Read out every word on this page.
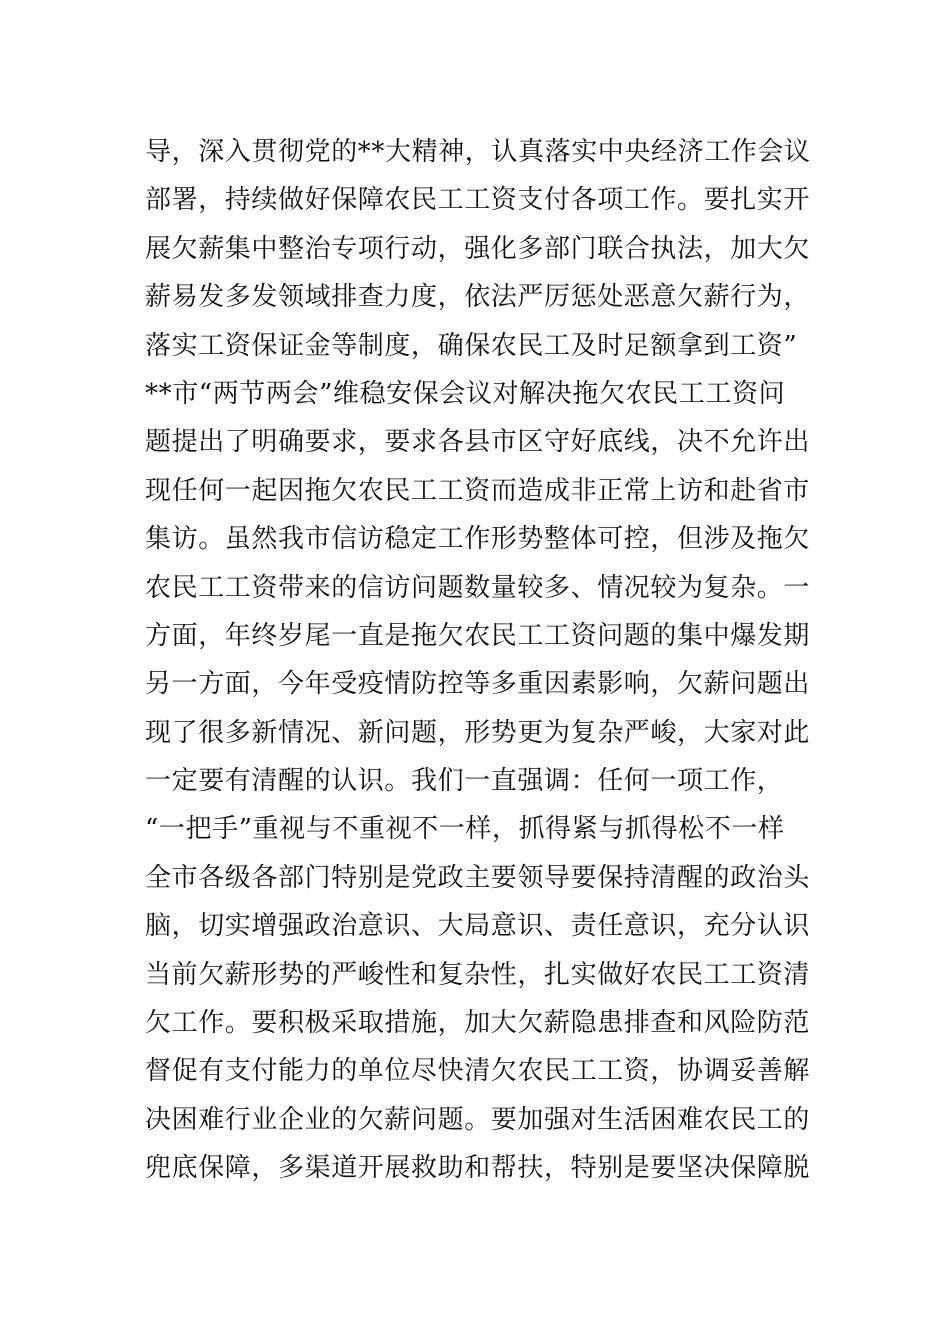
导，深入贯彻党的**大精神，认真落实中央经济工作会议
部署，持续做好保障农民工工资支付各项工作。要扎实开
展欠薪集中整治专项行动，强化多部门联合执法，加大欠
薪易发多发领域排查力度，依法严厉惩处恶意欠薪行为，
落实工资保证金等制度，确保农民工及时足额拿到工资”
**市“两节两会”维稳安保会议对解决拖欠农民工工资问
题提出了明确要求，要求各县市区守好底线，决不允许出
现任何一起因拖欠农民工工资而造成非正常上访和赴省市
集访。虽然我市信访稳定工作形势整体可控，但涉及拖欠
农民工工资带来的信访问题数量较多、情况较为复杂。一
方面，年终岁尾一直是拖欠农民工工资问题的集中爆发期
另一方面，今年受疫情防控等多重因素影响，欠薪问题出
现了很多新情况、新问题，形势更为复杂严峻，大家对此
一定要有清醒的认识。我们一直强调：任何一项工作，
“一把手”重视与不重视不一样，抓得紧与抓得松不一样
全市各级各部门特别是党政主要领导要保持清醒的政治头
脑，切实增强政治意识、大局意识、责任意识，充分认识
当前欠薪形势的严峻性和复杂性，扎实做好农民工工资清
欠工作。要积极采取措施，加大欠薪隐患排查和风险防范
督促有支付能力的单位尽快清欠农民工工资，协调妥善解
决困难行业企业的欠薪问题。要加强对生活困难农民工的
兜底保障，多渠道开展救助和帮扶，特别是要坚决保障脱
